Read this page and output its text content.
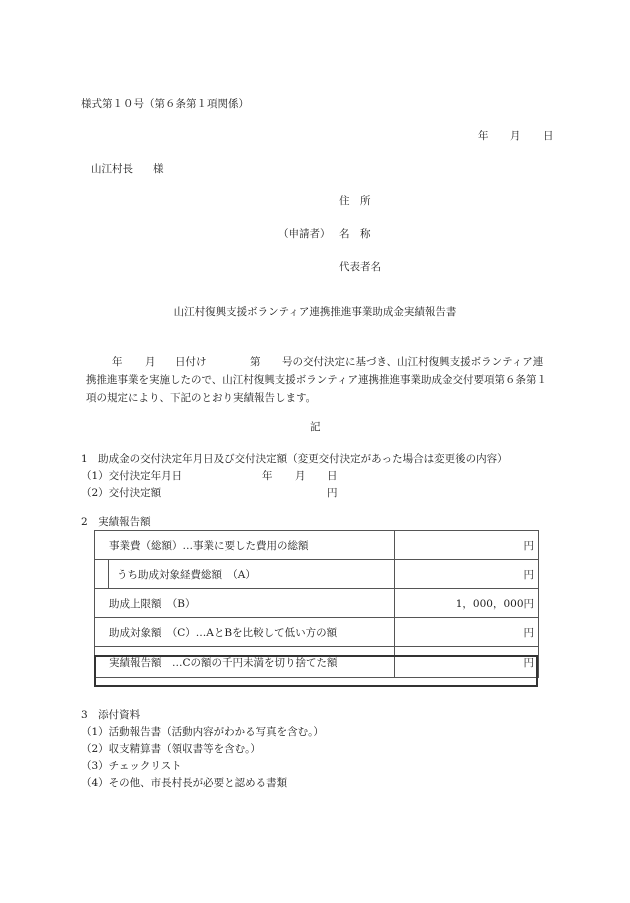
様式第１０号（第６条第１項関係）
年 月 日
山江村長 様
住　所
（申請者） 名　称
代表者名
山江村復興支援ボランティア連携推進事業助成金実績報告書
年 月 日付け	第	号の交付決定に基づき、山江村復興支援ボランティア連携推進事業を実施したので、山江村復興支援ボランティア連携推進事業助成金交付要項第６条第１項の規定により、下記のとおり実績報告します。
記
1　助成金の交付決定年月日及び交付決定額（変更交付決定があった場合は変更後の内容）
（1）交付決定年月日	年 月 日
（2）交付決定額	円
2　実績報告額
事業費（総額）…事業に要した費用の総額		円
	うち助成対象経費総額　（A）	円
助成上限額　（B）		1，000，000円
助成対象額　（C）…AとBを比較して低い方の額		円
実績報告額　…Cの額の千円未満を切り捨てた額		円
3　添付資料
（1）活動報告書（活動内容がわかる写真を含む。）
（2）収支精算書（領収書等を含む。）
（3）チェックリスト
（4）その他、市長村長が必要と認める書類
